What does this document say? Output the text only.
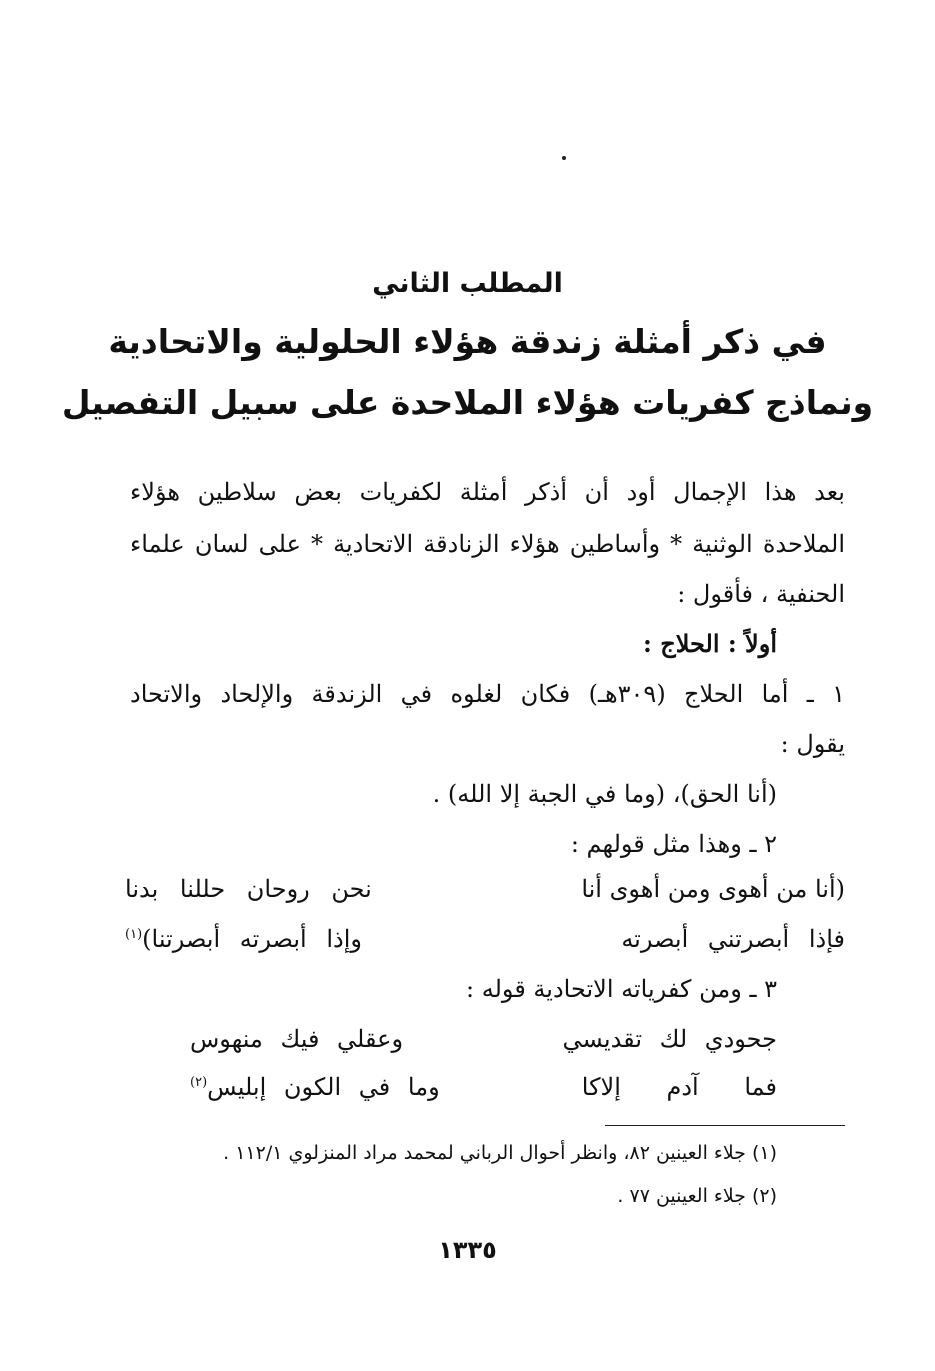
المطلب الثاني
في ذكر أمثلة زندقة هؤلاء الحلولية والاتحادية
ونماذج كفريات هؤلاء الملاحدة على سبيل التفصيل
بعد هذا الإجمال أود أن أذكر أمثلة لكفريات بعض سلاطين هؤلاء
الملاحدة الوثنية * وأساطين هؤلاء الزنادقة الاتحادية * على لسان علماء
الحنفية ، فأقول :
أولاً : الحلاج :
١ ـ أما الحلاج (٣٠٩هـ) فكان لغلوه في الزندقة والإلحاد والاتحاد
يقول :
(أنا الحق)، (وما في الجبة إلا الله) .
٢ ـ وهذا مثل قولهم :
(أنا من أهوى ومن أهوى أنا
نحن روحان حللنا بدنا
فإذا أبصرتني أبصرته
وإذا أبصرته أبصرتنا)$^{(١)}$
٣ ـ ومن كفرياته الاتحادية قوله :
جحودي لك تقديسي
وعقلي فيك منهوس
فما آدم إلاكا
وما في الكون إبليس$^{(٢)}$
(١) جلاء العينين ٨٢، وانظر أحوال الرباني لمحمد مراد المنزلوي ١١٢/١ .
(٢) جلاء العينين ٧٧ .
١٣٣٥
